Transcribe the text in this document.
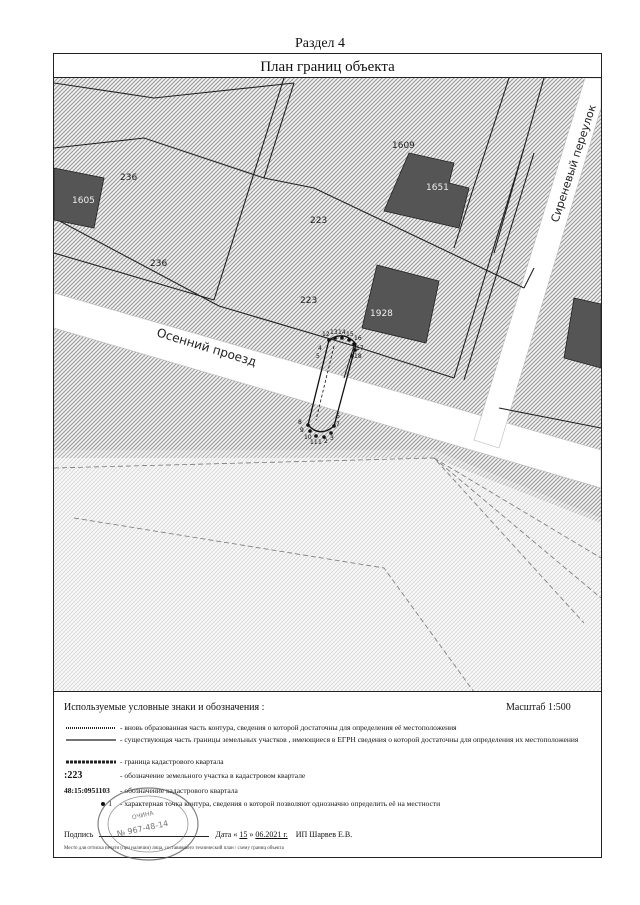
Раздел 4
План границ объекта
12 13 14 15
16
17
18
8
9
10
11 1 2 3
4
5
6
7
236
1605
236
223
223
1609
1651
1928
Осенний проезд
Сиреневый переулок
Используемые условные знаки и обозначения :	Масштаб 1:500
- вновь образованная часть контура, сведения о которой достаточны для определения её местоположения
- существующая часть границы земельных участков , имеющиеся в ЕГРН сведения о которой достаточны для определения их местоположения
- граница кадастрового квартала
:223	- обозначение земельного участка в кадастровом квартале
48:15:0951103	- обозначение кадастрового квартала
1	- характерная точка контура, сведения о которой позволяют однозначно определить её на местности
Подпись	Дата « 15 » 06.2021 г. ИП Шарвев Е.В.
Место для оттиска печати (при наличии) лица, составившего технический план / схему границ объекта
№ 967-48-14
ОЧИНА
